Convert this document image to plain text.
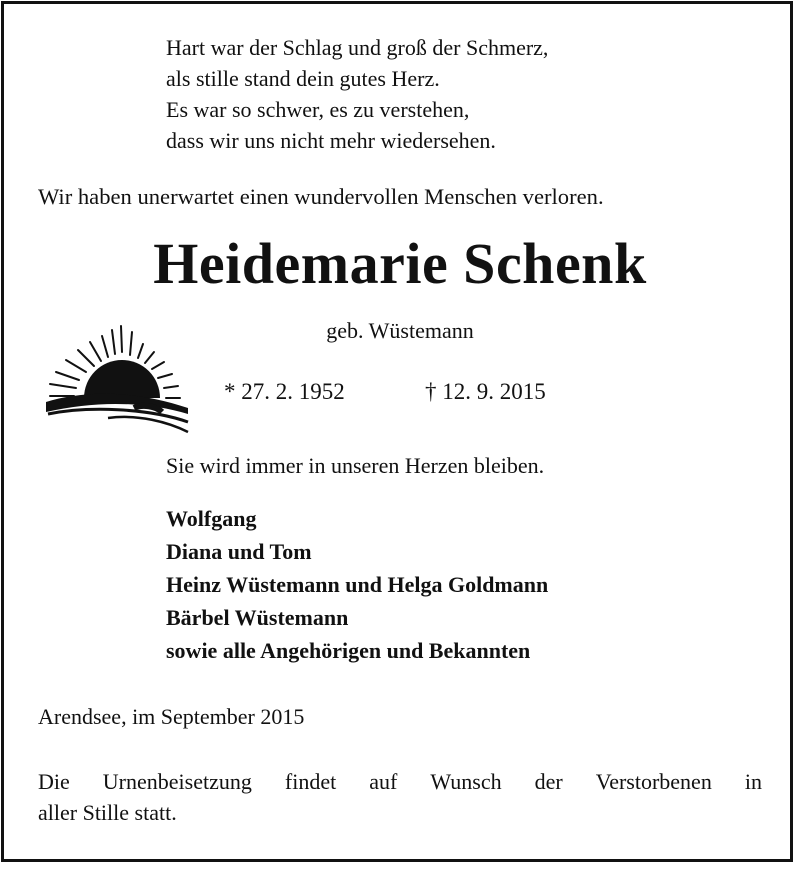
Hart war der Schlag und groß der Schmerz,
als stille stand dein gutes Herz.
Es war so schwer, es zu verstehen,
dass wir uns nicht mehr wiedersehen.
Wir haben unerwartet einen wundervollen Menschen verloren.
Heidemarie Schenk
geb. Wüstemann
* 27. 2. 1952	† 12. 9. 2015
Sie wird immer in unseren Herzen bleiben.
Wolfgang
Diana und Tom
Heinz Wüstemann und Helga Goldmann
Bärbel Wüstemann
sowie alle Angehörigen und Bekannten
Arendsee, im September 2015
Die Urnenbeisetzung findet auf Wunsch der Verstorbenen in
aller Stille statt.
